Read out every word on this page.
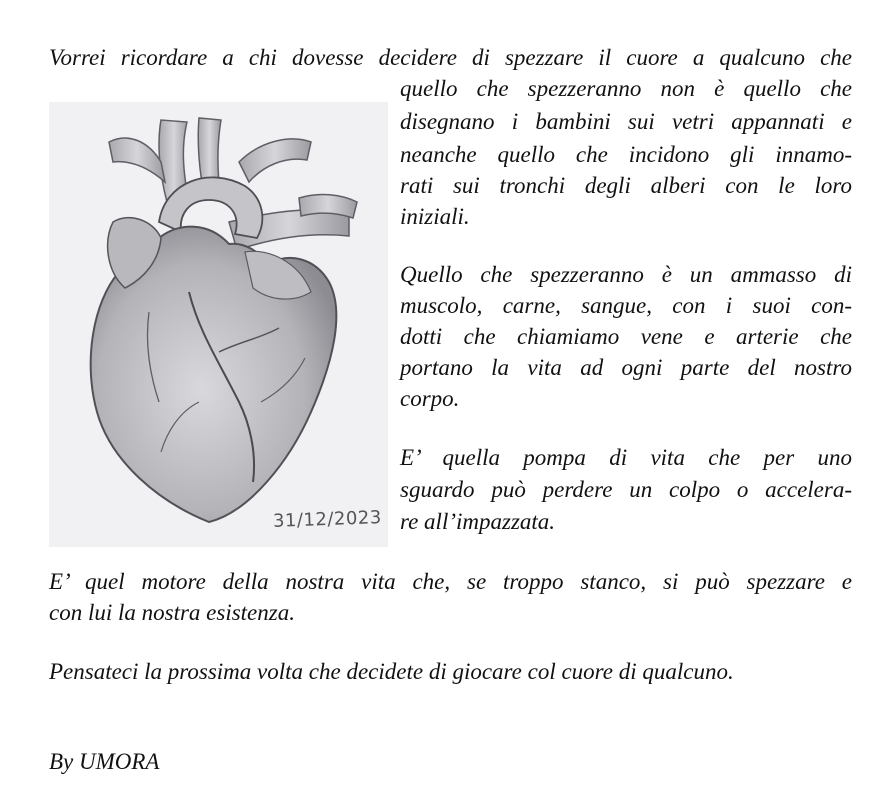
Vorrei ricordare a chi dovesse decidere di spezzare il cuore a qualcuno che
31/12/2023
quello che spezzeranno non è quello che
disegnano i bambini sui vetri appannati e
neanche quello che incidono gli innamo-
rati sui tronchi degli alberi con le loro
iniziali.
Quello che spezzeranno è un ammasso di
muscolo, carne, sangue, con i suoi con-
dotti che chiamiamo vene e arterie che
portano la vita ad ogni parte del nostro
corpo.
E’ quella pompa di vita che per uno
sguardo può perdere un colpo o accelera-
re all’impazzata.
E’ quel motore della nostra vita che, se troppo stanco, si può spezzare e
con lui la nostra esistenza.
Pensateci la prossima volta che decidete di giocare col cuore di qualcuno.
By UMORA
